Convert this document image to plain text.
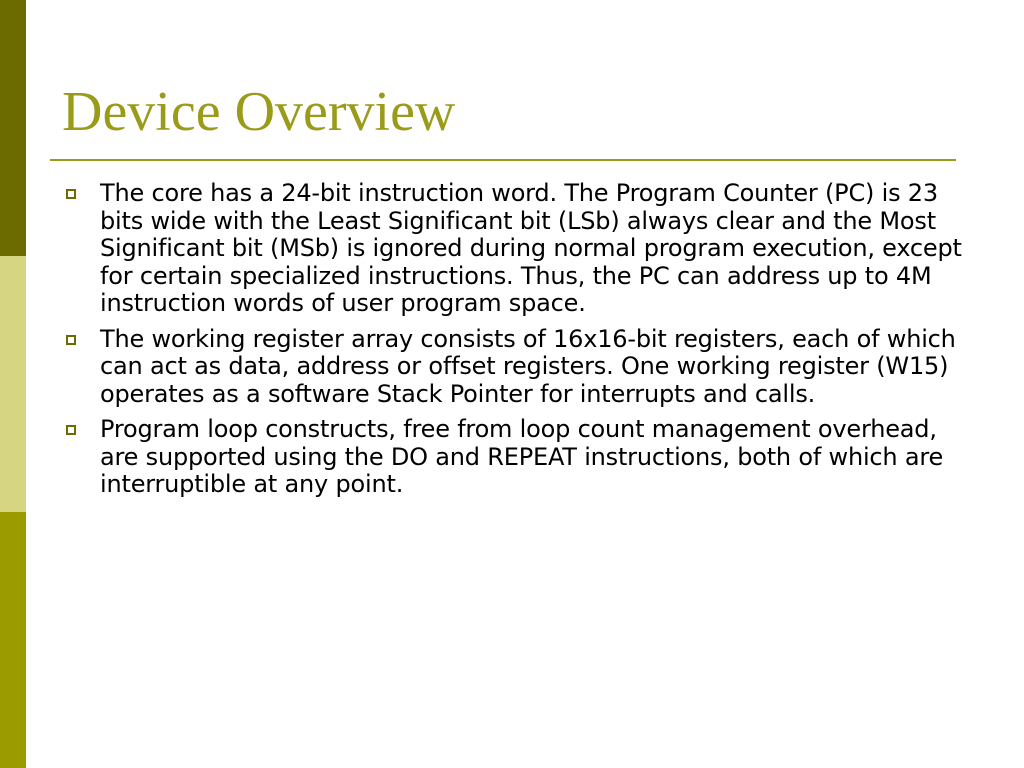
Device Overview
The core has a 24-bit instruction word. The Program Counter (PC) is 23 bits wide with the Least Significant bit (LSb) always clear and the Most Significant bit (MSb) is ignored during normal program execution, except for certain specialized instructions. Thus, the PC can address up to 4M instruction words of user program space.
The working register array consists of 16x16-bit registers, each of which can act as data, address or offset registers. One working register (W15) operates as a software Stack Pointer for interrupts and calls.
Program loop constructs, free from loop count management overhead, are supported using the DO and REPEAT instructions, both of which are interruptible at any point.
